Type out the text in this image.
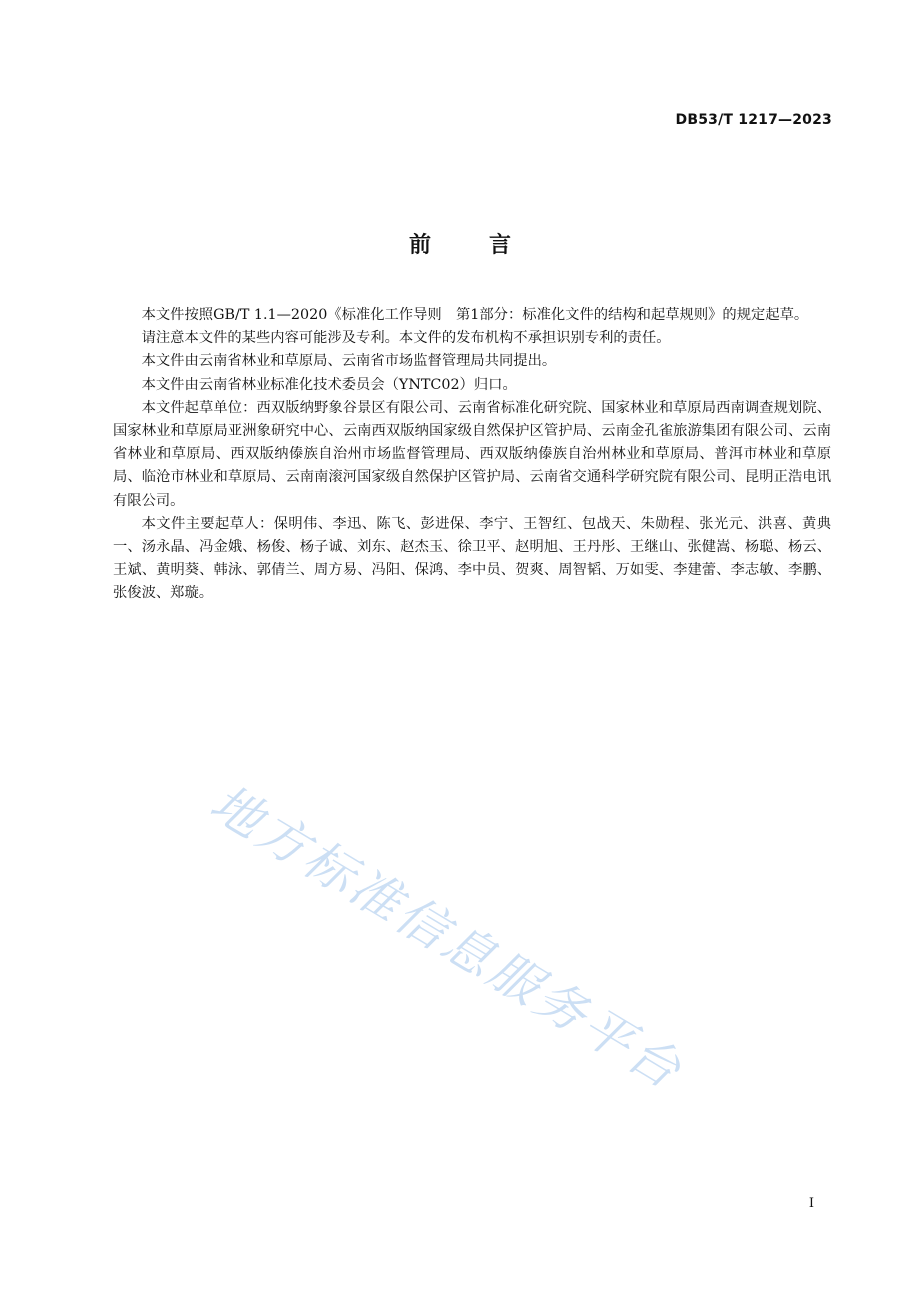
DB53/T 1217—2023
前	言

本文件按照GB/T 1.1—2020《标准化工作导则　第1部分：标准化文件的结构和起草规则》的规定起草。

请注意本文件的某些内容可能涉及专利。本文件的发布机构不承担识别专利的责任。

本文件由云南省林业和草原局、云南省市场监督管理局共同提出。

本文件由云南省林业标准化技术委员会（YNTC02）归口。

本文件起草单位：西双版纳野象谷景区有限公司、云南省标准化研究院、国家林业和草原局西南调查规划院、国家林业和草原局亚洲象研究中心、云南西双版纳国家级自然保护区管护局、云南金孔雀旅游集团有限公司、云南省林业和草原局、西双版纳傣族自治州市场监督管理局、西双版纳傣族自治州林业和草原局、普洱市林业和草原局、临沧市林业和草原局、云南南滚河国家级自然保护区管护局、云南省交通科学研究院有限公司、昆明正浩电讯有限公司。

本文件主要起草人：保明伟、李迅、陈飞、彭进保、李宁、王智红、包战天、朱勋程、张光元、洪喜、黄典一、汤永晶、冯金娥、杨俊、杨子诚、刘东、赵杰玉、徐卫平、赵明旭、王丹彤、王继山、张健嵩、杨聪、杨云、王斌、黄明葵、韩泳、郭倩兰、周方易、冯阳、保鸿、李中员、贺爽、周智韬、万如雯、李建蕾、李志敏、李鹏、张俊波、郑璇。

地方标准信息服务平台
I
